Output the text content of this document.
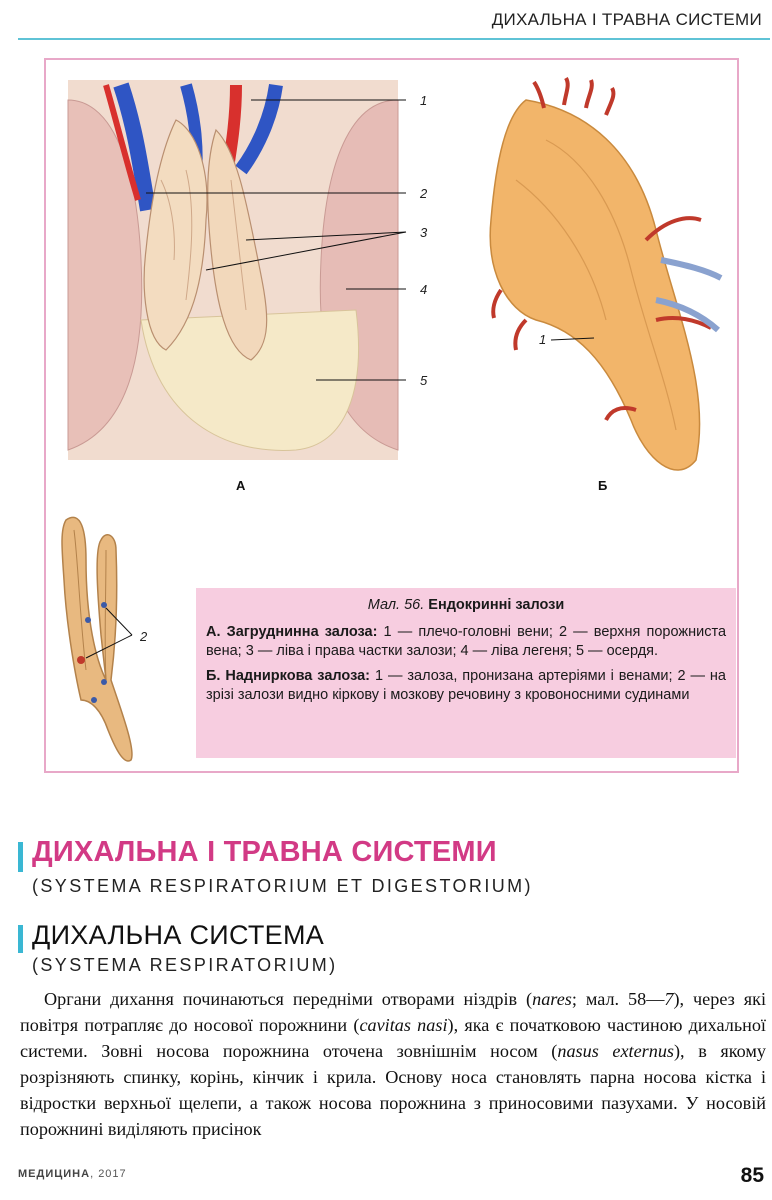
ДИХАЛЬНА І ТРАВНА СИСТЕМИ
1
2
3
4
5
А
1
Б
2
Мал. 56. Ендокринні залози

А. Загруднинна залоза: 1 — плечо-головні вени; 2 — верхня порожниста вена; 3 — ліва і права частки залози; 4 — ліва легеня; 5 — осердя.

Б. Надниркова залоза: 1 — залоза, пронизана артеріями і венами; 2 — на зрізі залози видно кіркову і мозкову речовину з кровоносними судинами

ДИХАЛЬНА І ТРАВНА СИСТЕМИ
(SYSTEMA RESPIRATORIUM ET DIGESTORIUM)
ДИХАЛЬНА СИСТЕМА
(SYSTEMA RESPIRATORIUM)
Органи дихання починаються передніми отворами ніздрів (nares; мал. 58—7), через які повітря потрапляє до носової порожнини (cavitas nasi), яка є початковою частиною дихальної системи. Зовні носова порожнина оточена зовнішнім носом (nasus externus), в якому розрізняють спинку, корінь, кінчик і крила. Основу носа становлять парна носова кістка і відростки верхньої щелепи, а також носова порожнина з приносовими пазухами. У носовій порожнині виділяють присінок
МЕДИЦИНА, 2017	85
